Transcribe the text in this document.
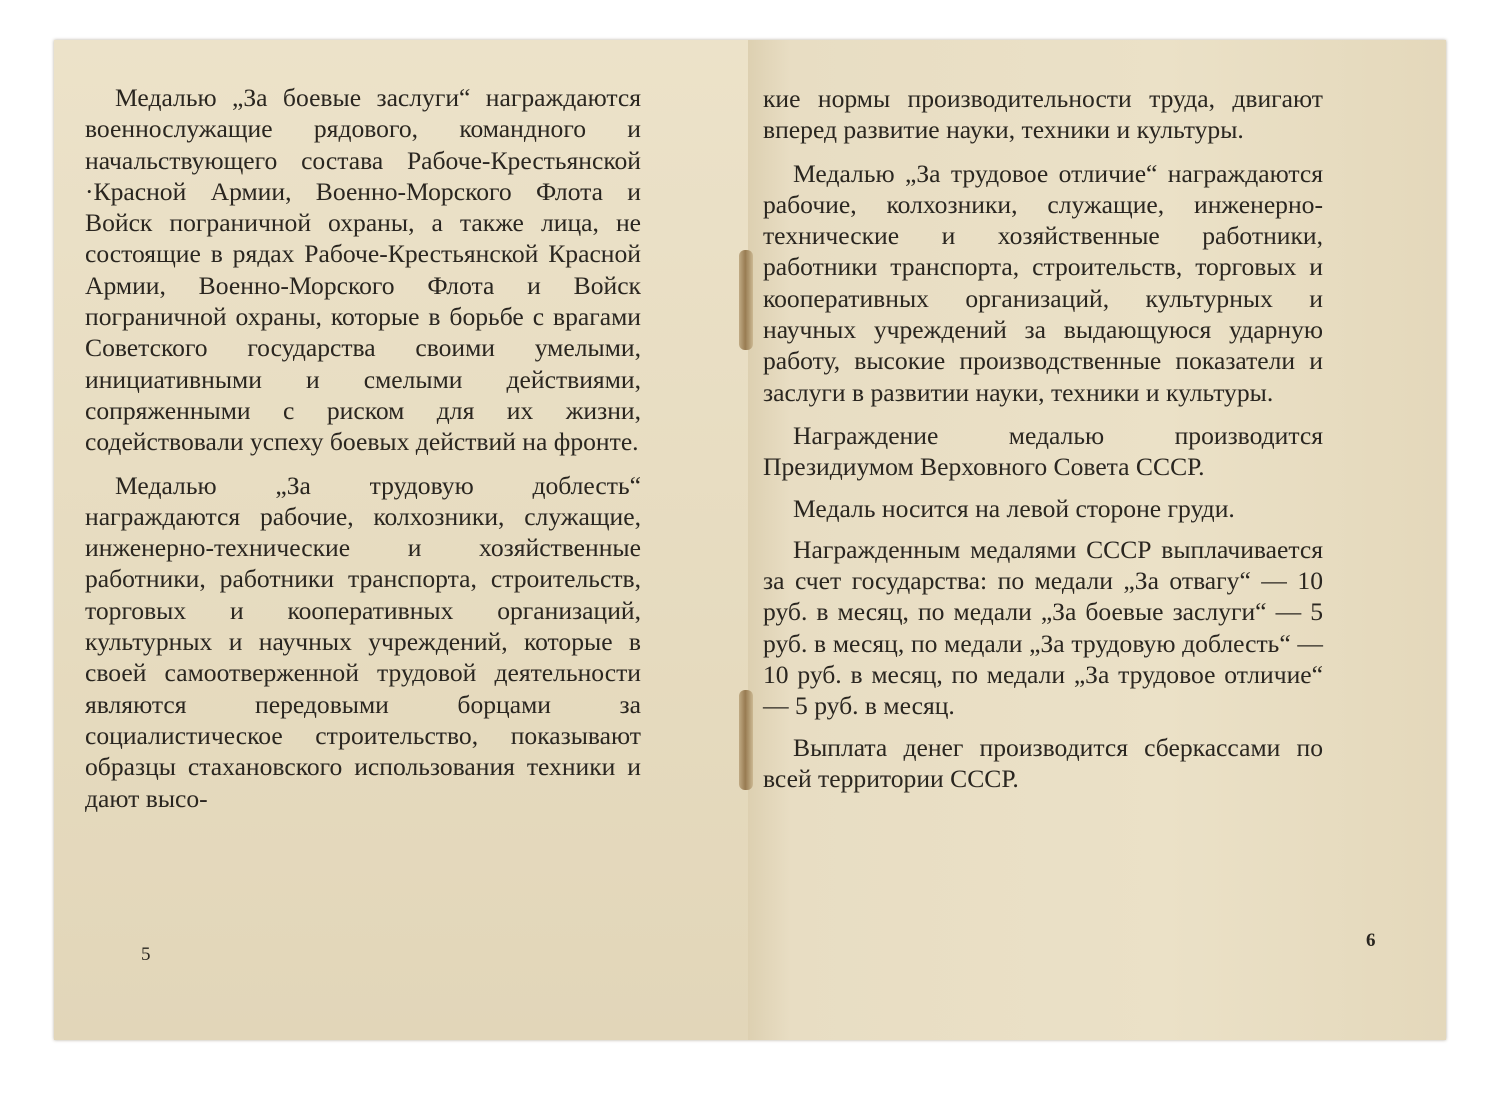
Медалью „За боевые заслуги“ награждаются военнослужащие рядового, командного и начальствующего состава Рабоче-Крестьянской ·Красной Армии, Военно-Морского Флота и Войск пограничной охраны, а также лица, не состоящие в рядах Рабоче-Крестьянской Красной Армии, Военно-Морского Флота и Войск пограничной охраны, которые в борьбе с врагами Советского государства своими умелыми, инициативными и смелыми действиями, сопряженными с риском для их жизни, содействовали успеху боевых действий на фронте.

Медалью „За трудовую доблесть“ награждаются рабочие, колхозники, служащие, инженерно-технические и хозяйственные работники, работники транспорта, строительств, торговых и кооперативных организаций, культурных и научных учреждений, которые в своей самоотверженной трудовой деятельности являются передовыми борцами за социалистическое строительство, показывают образцы стахановского использования техники и дают высо-

5

кие нормы производительности труда, двигают вперед развитие науки, техники и культуры.

Медалью „За трудовое отличие“ награждаются рабочие, колхозники, служащие, инженерно-технические и хозяйственные работники, работники транспорта, строительств, торговых и кооперативных организаций, культурных и научных учреждений за выдающуюся ударную работу, высокие производственные показатели и заслуги в развитии науки, техники и культуры.

Награждение медалью производится Президиумом Верховного Совета СССР.

Медаль носится на левой стороне груди.

Награжденным медалями СССР выплачивается за счет государства: по медали „За отвагу“ — 10 руб. в месяц, по медали „За боевые заслуги“ — 5 руб. в месяц, по медали „За трудовую доблесть“ — 10 руб. в месяц, по медали „За трудовое отличие“ — 5 руб. в месяц.

Выплата денег производится сберкассами по всей территории СССР.

6
